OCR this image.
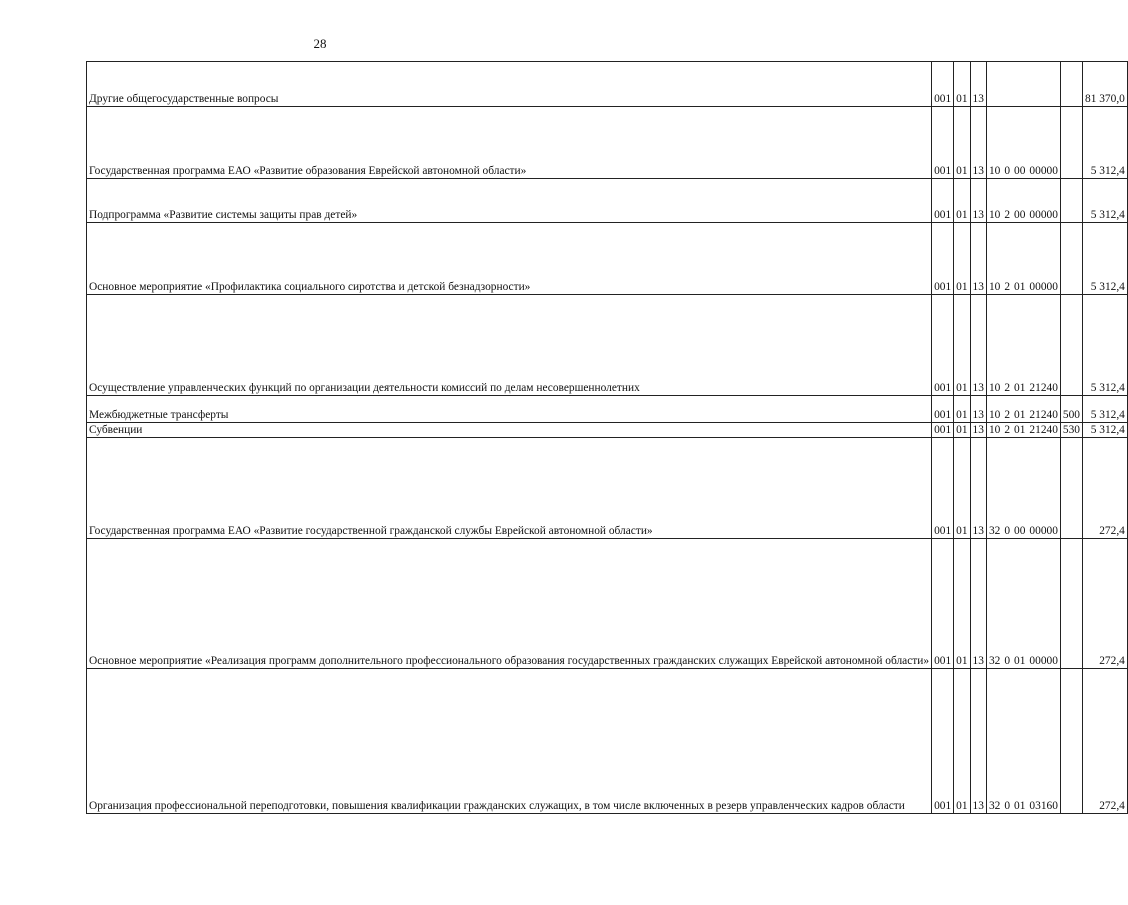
28
Другие общегосударственные вопросы	001	01	13						81 370,0
Государственная программа ЕАО «Развитие образования Еврейской автономной области»	001	01	13	10	0	00	00000		5 312,4
Подпрограмма «Развитие системы защиты прав детей»	001	01	13	10	2	00	00000		5 312,4
Основное мероприятие «Профилактика социального сиротства и детской безнадзорности»	001	01	13	10	2	01	00000		5 312,4
Осуществление управленческих функций по организации деятельности комиссий по делам несовершеннолетних	001	01	13	10	2	01	21240		5 312,4
Межбюджетные трансферты	001	01	13	10	2	01	21240	500	5 312,4
Субвенции	001	01	13	10	2	01	21240	530	5 312,4
Государственная программа ЕАО «Развитие государственной гражданской службы Еврейской автономной области»	001	01	13	32	0	00	00000		272,4
Основное мероприятие «Реализация программ дополнительного профессионального образования государственных гражданских служащих Еврейской автономной области»	001	01	13	32	0	01	00000		272,4
Организация профессиональной переподготовки, повышения квалификации гражданских служащих, в том числе включенных в резерв управленческих кадров области	001	01	13	32	0	01	03160		272,4
